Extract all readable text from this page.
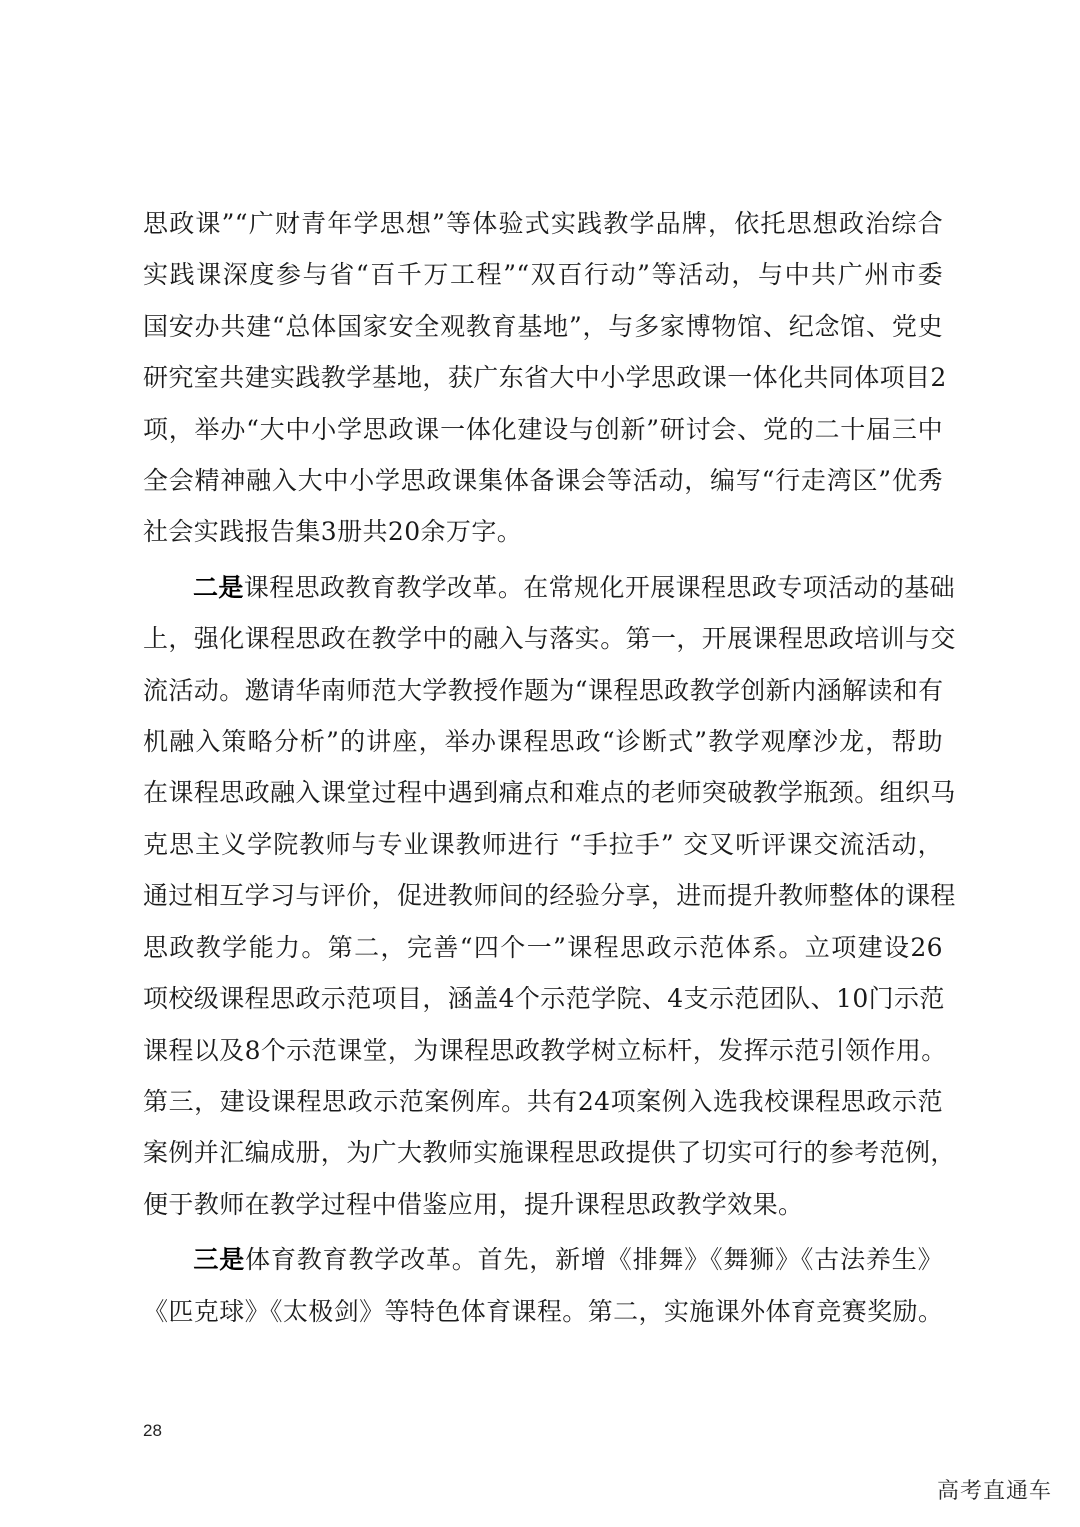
思政课”“广财青年学思想”等体验式实践教学品牌，依托思想政治综合
实践课深度参与省“百千万工程”“双百行动”等活动，与中共广州市委
国安办共建“总体国家安全观教育基地”，与多家博物馆、纪念馆、党史
研究室共建实践教学基地，获广东省大中小学思政课一体化共同体项目2
项，举办“大中小学思政课一体化建设与创新”研讨会、党的二十届三中
全会精神融入大中小学思政课集体备课会等活动，编写“行走湾区”优秀
社会实践报告集3册共20余万字。

二是课程思政教育教学改革。在常规化开展课程思政专项活动的基础
上，强化课程思政在教学中的融入与落实。第一，开展课程思政培训与交
流活动。邀请华南师范大学教授作题为“课程思政教学创新内涵解读和有
机融入策略分析”的讲座，举办课程思政“诊断式”教学观摩沙龙，帮助
在课程思政融入课堂过程中遇到痛点和难点的老师突破教学瓶颈。组织马
克思主义学院教师与专业课教师进行 “手拉手” 交叉听评课交流活动，
通过相互学习与评价，促进教师间的经验分享，进而提升教师整体的课程
思政教学能力。第二，完善“四个一”课程思政示范体系。立项建设26
项校级课程思政示范项目，涵盖4个示范学院、4支示范团队、10门示范
课程以及8个示范课堂，为课程思政教学树立标杆，发挥示范引领作用。
第三，建设课程思政示范案例库。共有24项案例入选我校课程思政示范
案例并汇编成册，为广大教师实施课程思政提供了切实可行的参考范例，
便于教师在教学过程中借鉴应用，提升课程思政教学效果。

三是体育教育教学改革。首先，新增《排舞》《舞狮》《古法养生》
《匹克球》《太极剑》等特色体育课程。第二，实施课外体育竞赛奖励。

28
高考直通车
